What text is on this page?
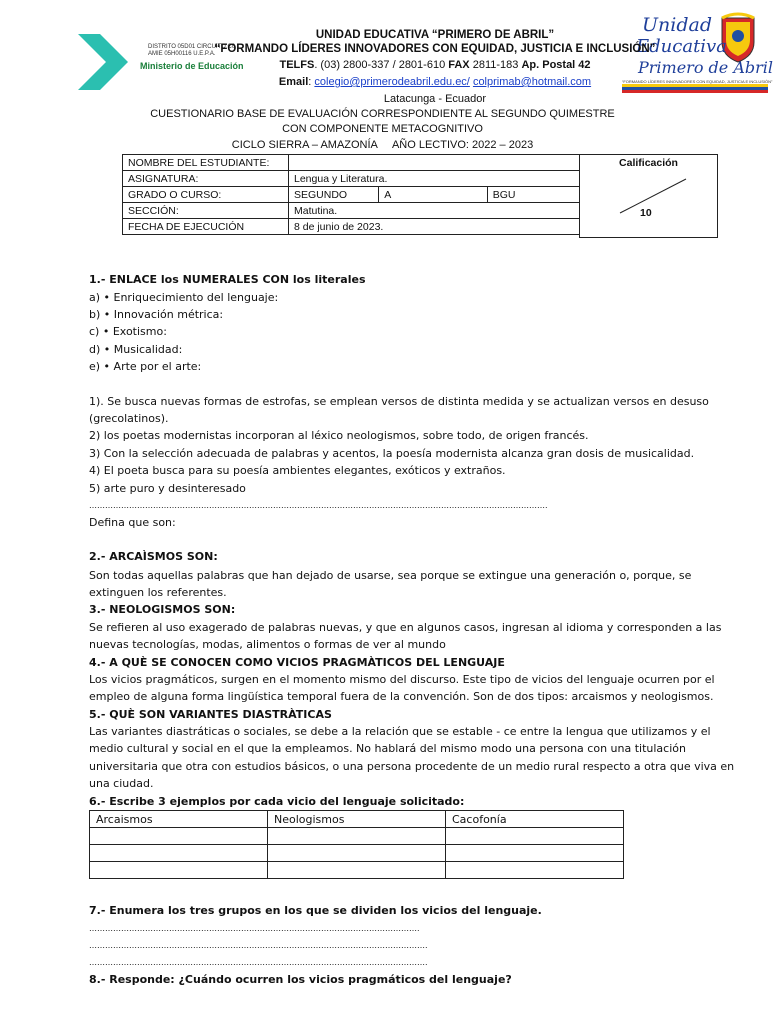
DISTRITO 05D01 CIRCUITO C0
AMIE 05H00116 U.E.P.A.
Ministerio de Educación
Unidad
Educativa
Primero de Abril
“FORMANDO LÍDERES INNOVADORES CON EQUIDAD, JUSTICIA E INCLUSIÓN”
UNIDAD EDUCATIVA “PRIMERO DE ABRIL”
“FORMANDO LÍDERES INNOVADORES CON EQUIDAD, JUSTICIA E INCLUSIÓN”
TELFS. (03) 2800-337 / 2801-610 FAX 2811-183 Ap. Postal 42
Email: colegio@primerodeabril.edu.ec/ colprimab@hotmail.com
Latacunga - Ecuador
CUESTIONARIO BASE DE EVALUACIÓN CORRESPONDIENTE AL SEGUNDO QUIMESTRE
CON COMPONENTE METACOGNITIVO
CICLO SIERRA – AMAZONÍA     AÑO LECTIVO: 2022 – 2023
NOMBRE DEL ESTUDIANTE:			
ASIGNATURA:	Lengua y Literatura.		
GRADO O CURSO:	SEGUNDO	A	BGU
SECCIÓN:	Matutina.		
FECHA DE EJECUCIÓN	8 de junio de 2023.		
Calificación
10
1.- ENLACE los NUMERALES CON los literales
a) • Enriquecimiento del lenguaje:
b) • Innovación métrica:
c) • Exotismo:
d) • Musicalidad:
e) • Arte por el arte:
1). Se busca nuevas formas de estrofas, se emplean versos de distinta medida y se actualizan versos en desuso
(grecolatinos).
2) los poetas modernistas incorporan al léxico neologismos, sobre todo, de origen francés.
3) Con la selección adecuada de palabras y acentos, la poesía modernista alcanza gran dosis de musicalidad.
4) El poeta busca para su poesía ambientes elegantes, exóticos y extraños.
5) arte puro y desinteresado
……………………………………………………………………………………………………………………………………………………….
Defina que son:
2.- ARCAÌSMOS SON:
Son todas aquellas palabras que han dejado de usarse, sea porque se extingue una generación o, porque, se extinguen los referentes.
3.- NEOLOGISMOS SON:
Se refieren al uso exagerado de palabras nuevas, y que en algunos casos, ingresan al idioma y corresponden a las nuevas tecnologías, modas, alimentos o formas de ver al mundo
4.- A QUÈ SE CONOCEN COMO VICIOS PRAGMÀTICOS DEL LENGUAJE
Los vicios pragmáticos, surgen en el momento mismo del discurso. Este tipo de vicios del lenguaje ocurren por el empleo de alguna forma lingüística temporal fuera de la convención. Son de dos tipos: arcaismos y neologismos.
5.- QUÈ SON VARIANTES DIASTRÀTICAS
Las variantes diastráticas o sociales, se debe a la relación que se estable - ce entre la lengua que utilizamos y el medio cultural y social en el que la empleamos. No hablará del mismo modo una persona con una titulación universitaria que otra con estudios básicos, o una persona procedente de un medio rural respecto a otra que viva en una ciudad.
6.- Escribe 3 ejemplos por cada vicio del lenguaje solicitado:
Arcaismos	Neologismos	Cacofonía

7.- Enumera los tres grupos en los que se dividen los vicios del lenguaje.
…………………………………………………………………………………………………………….
……………………………………………………………………………………………………………….
……………………………………………………………………………………………………………….
8.- Responde: ¿Cuándo ocurren los vicios pragmáticos del lenguaje?
